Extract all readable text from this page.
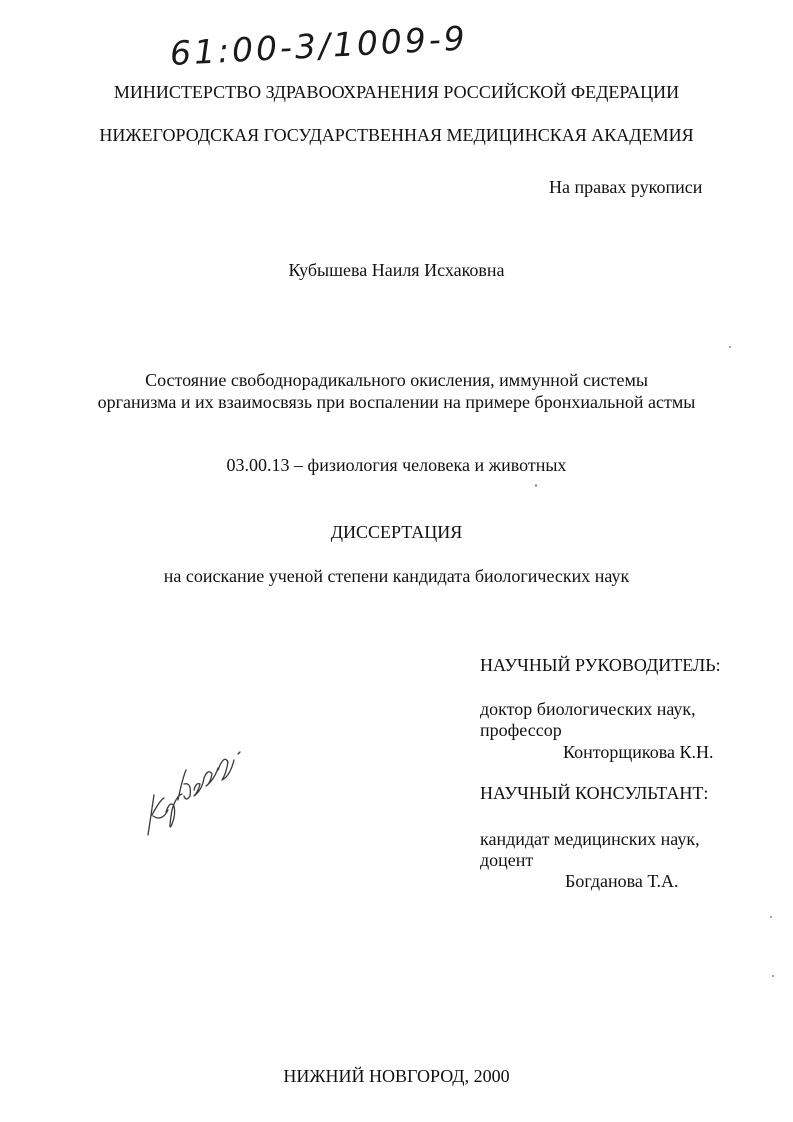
61:00-3/1009-9
МИНИСТЕРСТВО ЗДРАВООХРАНЕНИЯ РОССИЙСКОЙ ФЕДЕРАЦИИ
НИЖЕГОРОДСКАЯ ГОСУДАРСТВЕННАЯ МЕДИЦИНСКАЯ АКАДЕМИЯ
На правах рукописи
Кубышева Наиля Исхаковна
Состояние свободнорадикального окисления, иммунной системы
организма и их взаимосвязь при воспалении на примере бронхиальной астмы
03.00.13 – физиология человека и животных
ДИССЕРТАЦИЯ
на соискание ученой степени кандидата биологических наук
НАУЧНЫЙ РУКОВОДИТЕЛЬ:
доктор биологических наук,
профессор
Конторщикова К.Н.
НАУЧНЫЙ КОНСУЛЬТАНТ:
кандидат медицинских наук,
доцент
Богданова Т.А.
НИЖНИЙ НОВГОРОД, 2000
